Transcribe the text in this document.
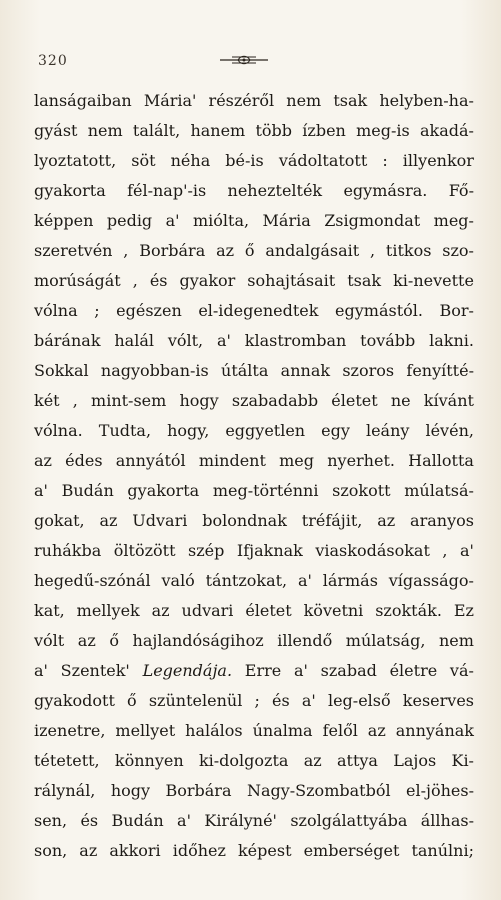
320
lanságaiban Mária' részéről nem tsak helyben-ha-
gyást nem talált, hanem több ízben meg-is akadá-
lyoztatott, söt néha bé-is vádoltatott : illyenkor
gyakorta fél-nap'-is neheztelték egymásra. Fő-
képpen pedig a' miólta, Mária Zsigmondat meg-
szeretvén , Borbára az ő andalgásait , titkos szo-
morúságát , és gyakor sohajtásait tsak ki-nevette
vólna ; egészen el-idegenedtek egymástól. Bor-
bárának halál vólt, a' klastromban tovább lakni.
Sokkal nagyobban-is útálta annak szoros fenyítté-
két , mint-sem hogy szabadabb életet ne kívánt
vólna. Tudta, hogy, eggyetlen egy leány lévén,
az édes annyától mindent meg nyerhet. Hallotta
a' Budán gyakorta meg-történni szokott múlatsá-
gokat, az Udvari bolondnak tréfájit, az aranyos
ruhákba öltözött szép Ifjaknak viaskodásokat , a'
hegedű-szónál való tántzokat, a' lármás vígasságo-
kat, mellyek az udvari életet követni szokták. Ez
vólt az ő hajlandóságihoz illendő múlatság, nem
a' Szentek' Legendája. Erre a' szabad életre vá-
gyakodott ő szüntelenül ; és a' leg-első keserves
izenetre, mellyet halálos únalma felől az annyának
tétetett, könnyen ki-dolgozta az attya Lajos Ki-
rálynál, hogy Borbára Nagy-Szombatból el-jöhes-
sen, és Budán a' Királyné' szolgálattyába állhas-
son, az akkori időhez képest emberséget tanúlni;
